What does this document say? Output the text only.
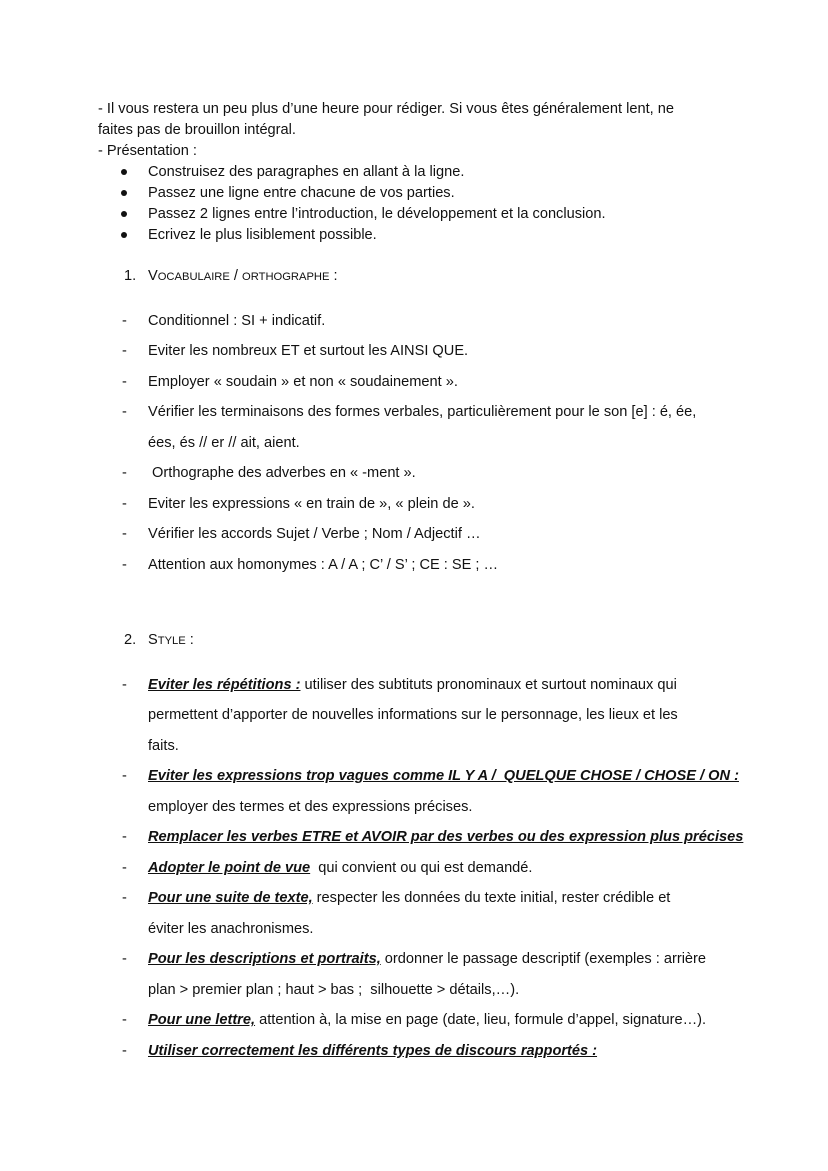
- Il vous restera un peu plus d’une heure pour rédiger. Si vous êtes généralement lent, ne
faites pas de brouillon intégral.
- Présentation :
Construisez des paragraphes en allant à la ligne.
Passez une ligne entre chacune de vos parties.
Passez 2 lignes entre l’introduction, le développement et la conclusion.
Ecrivez le plus lisiblement possible.
1. VOCABULAIRE / ORTHOGRAPHE :
- Conditionnel : SI + indicatif.
- Eviter les nombreux ET et surtout les AINSI QUE.
- Employer « soudain » et non « soudainement ».
- Vérifier les terminaisons des formes verbales, particulièrement pour le son [e] : é, ée,
ées, és // er // ait, aient.
- Orthographe des adverbes en « -ment ».
- Eviter les expressions « en train de », « plein de ».
- Vérifier les accords Sujet / Verbe ; Nom / Adjectif …
- Attention aux homonymes : A / A ; C’ / S’ ; CE : SE ; …
2. STYLE :
- Eviter les répétitions : utiliser des subtituts pronominaux et surtout nominaux qui
permettent d’apporter de nouvelles informations sur le personnage, les lieux et les
faits.
- Eviter les expressions trop vagues comme IL Y A /  QUELQUE CHOSE / CHOSE / ON :
employer des termes et des expressions précises.
- Remplacer les verbes ETRE et AVOIR par des verbes ou des expression plus précises
- Adopter le point de vue  qui convient ou qui est demandé.
- Pour une suite de texte, respecter les données du texte initial, rester crédible et
éviter les anachronismes.
- Pour les descriptions et portraits, ordonner le passage descriptif (exemples : arrière
plan > premier plan ; haut > bas ;  silhouette > détails,…).
- Pour une lettre, attention à, la mise en page (date, lieu, formule d’appel, signature…).
- Utiliser correctement les différents types de discours rapportés :
